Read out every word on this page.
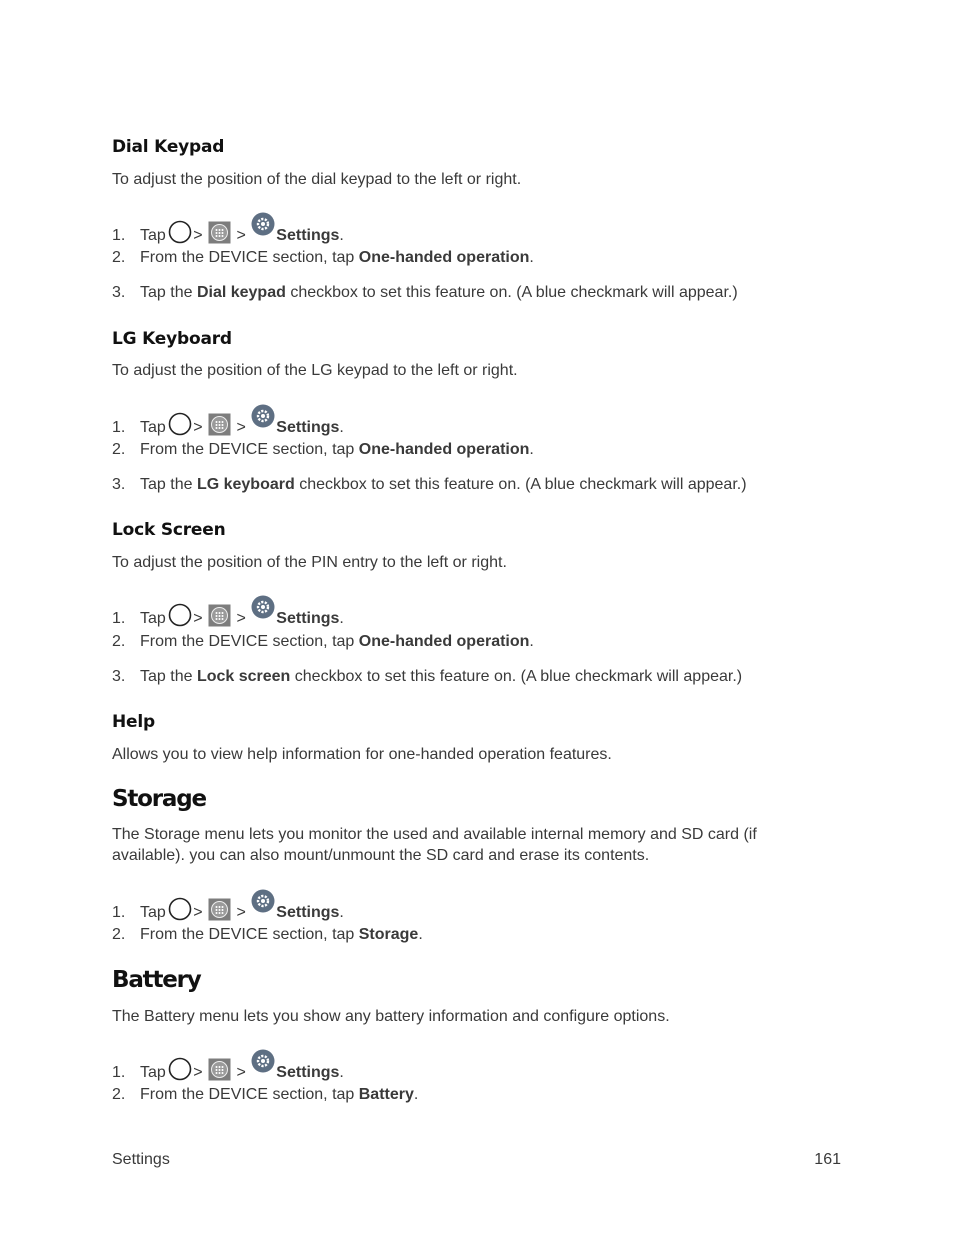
Dial Keypad

To adjust the position of the dial keypad to the left or right.

1. Tap > > Settings.
2. From the DEVICE section, tap One-handed operation.
3. Tap the Dial keypad checkbox to set this feature on. (A blue checkmark will appear.)
LG Keyboard

To adjust the position of the LG keypad to the left or right.

1. Tap > > Settings.
2. From the DEVICE section, tap One-handed operation.
3. Tap the LG keyboard checkbox to set this feature on. (A blue checkmark will appear.)
Lock Screen

To adjust the position of the PIN entry to the left or right.

1. Tap > > Settings.
2. From the DEVICE section, tap One-handed operation.
3. Tap the Lock screen checkbox to set this feature on. (A blue checkmark will appear.)
Help

Allows you to view help information for one-handed operation features.

Storage

The Storage menu lets you monitor the used and available internal memory and SD card (if available). you can also mount/unmount the SD card and erase its contents.

1. Tap > > Settings.
2. From the DEVICE section, tap Storage.
Battery

The Battery menu lets you show any battery information and configure options.

1. Tap > > Settings.
2. From the DEVICE section, tap Battery.
Settings	161
